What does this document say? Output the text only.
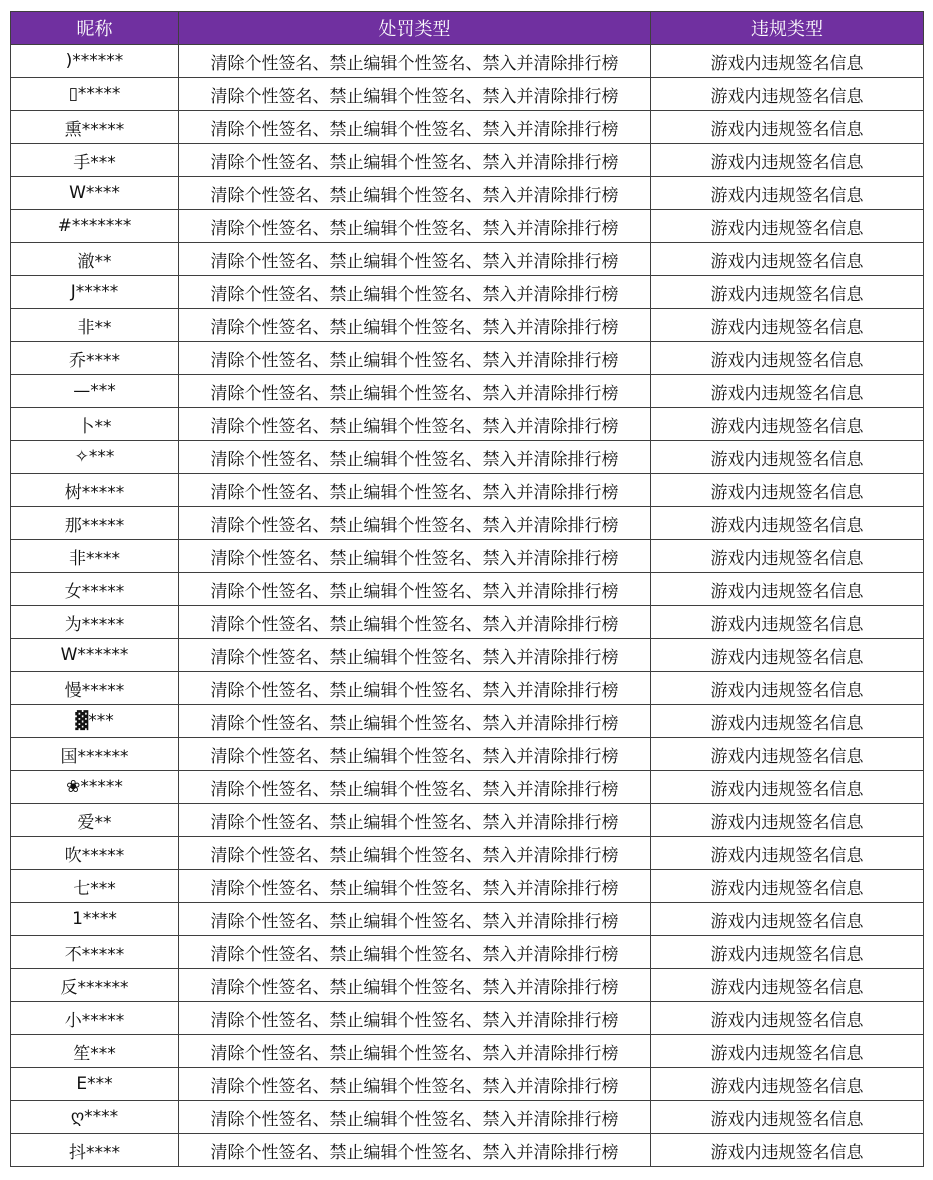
昵称	处罚类型	违规类型
)******	清除个性签名、禁止编辑个性签名、禁入并清除排行榜	游戏内违规签名信息
▯*****	清除个性签名、禁止编辑个性签名、禁入并清除排行榜	游戏内违规签名信息
熏*****	清除个性签名、禁止编辑个性签名、禁入并清除排行榜	游戏内违规签名信息
手***	清除个性签名、禁止编辑个性签名、禁入并清除排行榜	游戏内违规签名信息
W****	清除个性签名、禁止编辑个性签名、禁入并清除排行榜	游戏内违规签名信息
#*******	清除个性签名、禁止编辑个性签名、禁入并清除排行榜	游戏内违规签名信息
澈**	清除个性签名、禁止编辑个性签名、禁入并清除排行榜	游戏内违规签名信息
J*****	清除个性签名、禁止编辑个性签名、禁入并清除排行榜	游戏内违规签名信息
非**	清除个性签名、禁止编辑个性签名、禁入并清除排行榜	游戏内违规签名信息
乔****	清除个性签名、禁止编辑个性签名、禁入并清除排行榜	游戏内违规签名信息
—***	清除个性签名、禁止编辑个性签名、禁入并清除排行榜	游戏内违规签名信息
卜**	清除个性签名、禁止编辑个性签名、禁入并清除排行榜	游戏内违规签名信息
✧***	清除个性签名、禁止编辑个性签名、禁入并清除排行榜	游戏内违规签名信息
树*****	清除个性签名、禁止编辑个性签名、禁入并清除排行榜	游戏内违规签名信息
那*****	清除个性签名、禁止编辑个性签名、禁入并清除排行榜	游戏内违规签名信息
非****	清除个性签名、禁止编辑个性签名、禁入并清除排行榜	游戏内违规签名信息
女*****	清除个性签名、禁止编辑个性签名、禁入并清除排行榜	游戏内违规签名信息
为*****	清除个性签名、禁止编辑个性签名、禁入并清除排行榜	游戏内违规签名信息
W******	清除个性签名、禁止编辑个性签名、禁入并清除排行榜	游戏内违规签名信息
慢*****	清除个性签名、禁止编辑个性签名、禁入并清除排行榜	游戏内违规签名信息
▓***	清除个性签名、禁止编辑个性签名、禁入并清除排行榜	游戏内违规签名信息
国******	清除个性签名、禁止编辑个性签名、禁入并清除排行榜	游戏内违规签名信息
❀*****	清除个性签名、禁止编辑个性签名、禁入并清除排行榜	游戏内违规签名信息
爱**	清除个性签名、禁止编辑个性签名、禁入并清除排行榜	游戏内违规签名信息
吹*****	清除个性签名、禁止编辑个性签名、禁入并清除排行榜	游戏内违规签名信息
七***	清除个性签名、禁止编辑个性签名、禁入并清除排行榜	游戏内违规签名信息
1****	清除个性签名、禁止编辑个性签名、禁入并清除排行榜	游戏内违规签名信息
不*****	清除个性签名、禁止编辑个性签名、禁入并清除排行榜	游戏内违规签名信息
反******	清除个性签名、禁止编辑个性签名、禁入并清除排行榜	游戏内违规签名信息
小*****	清除个性签名、禁止编辑个性签名、禁入并清除排行榜	游戏内违规签名信息
笙***	清除个性签名、禁止编辑个性签名、禁入并清除排行榜	游戏内违规签名信息
E***	清除个性签名、禁止编辑个性签名、禁入并清除排行榜	游戏内违规签名信息
ღ****	清除个性签名、禁止编辑个性签名、禁入并清除排行榜	游戏内违规签名信息
抖****	清除个性签名、禁止编辑个性签名、禁入并清除排行榜	游戏内违规签名信息
